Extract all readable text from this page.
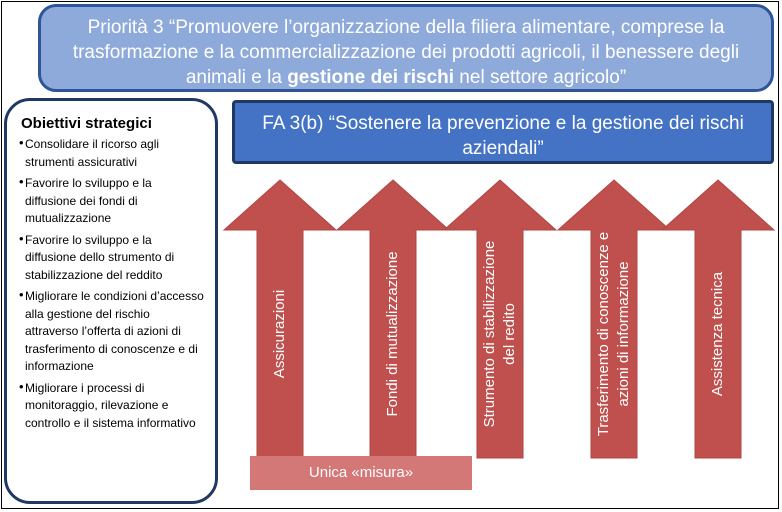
Priorità 3 “Promuovere l’organizzazione della filiera alimentare, comprese la
trasformazione e la commercializzazione dei prodotti agricoli, il benessere degli
animali e la gestione dei rischi nel settore agricolo”
Obiettivi strategici
• Consolidare il ricorso agli strumenti assicurativi
• Favorire lo sviluppo e la diffusione dei fondi di mutualizzazione
• Favorire lo sviluppo e la diffusione dello strumento di stabilizzazione del reddito
• Migliorare le condizioni d’accesso alla gestione del rischio attraverso l’offerta di azioni di trasferimento di conoscenze e di informazione
• Migliorare i processi di monitoraggio, rilevazione e controllo e il sistema informativo
FA 3(b) “Sostenere la prevenzione e la gestione dei rischi
aziendali”
Assicurazioni	Fondi di mutualizzazione	Strumento di stabilizzazione del redito	Trasferimento di conoscenze e azioni di informazione	Assistenza tecnica
Unica «misura»
